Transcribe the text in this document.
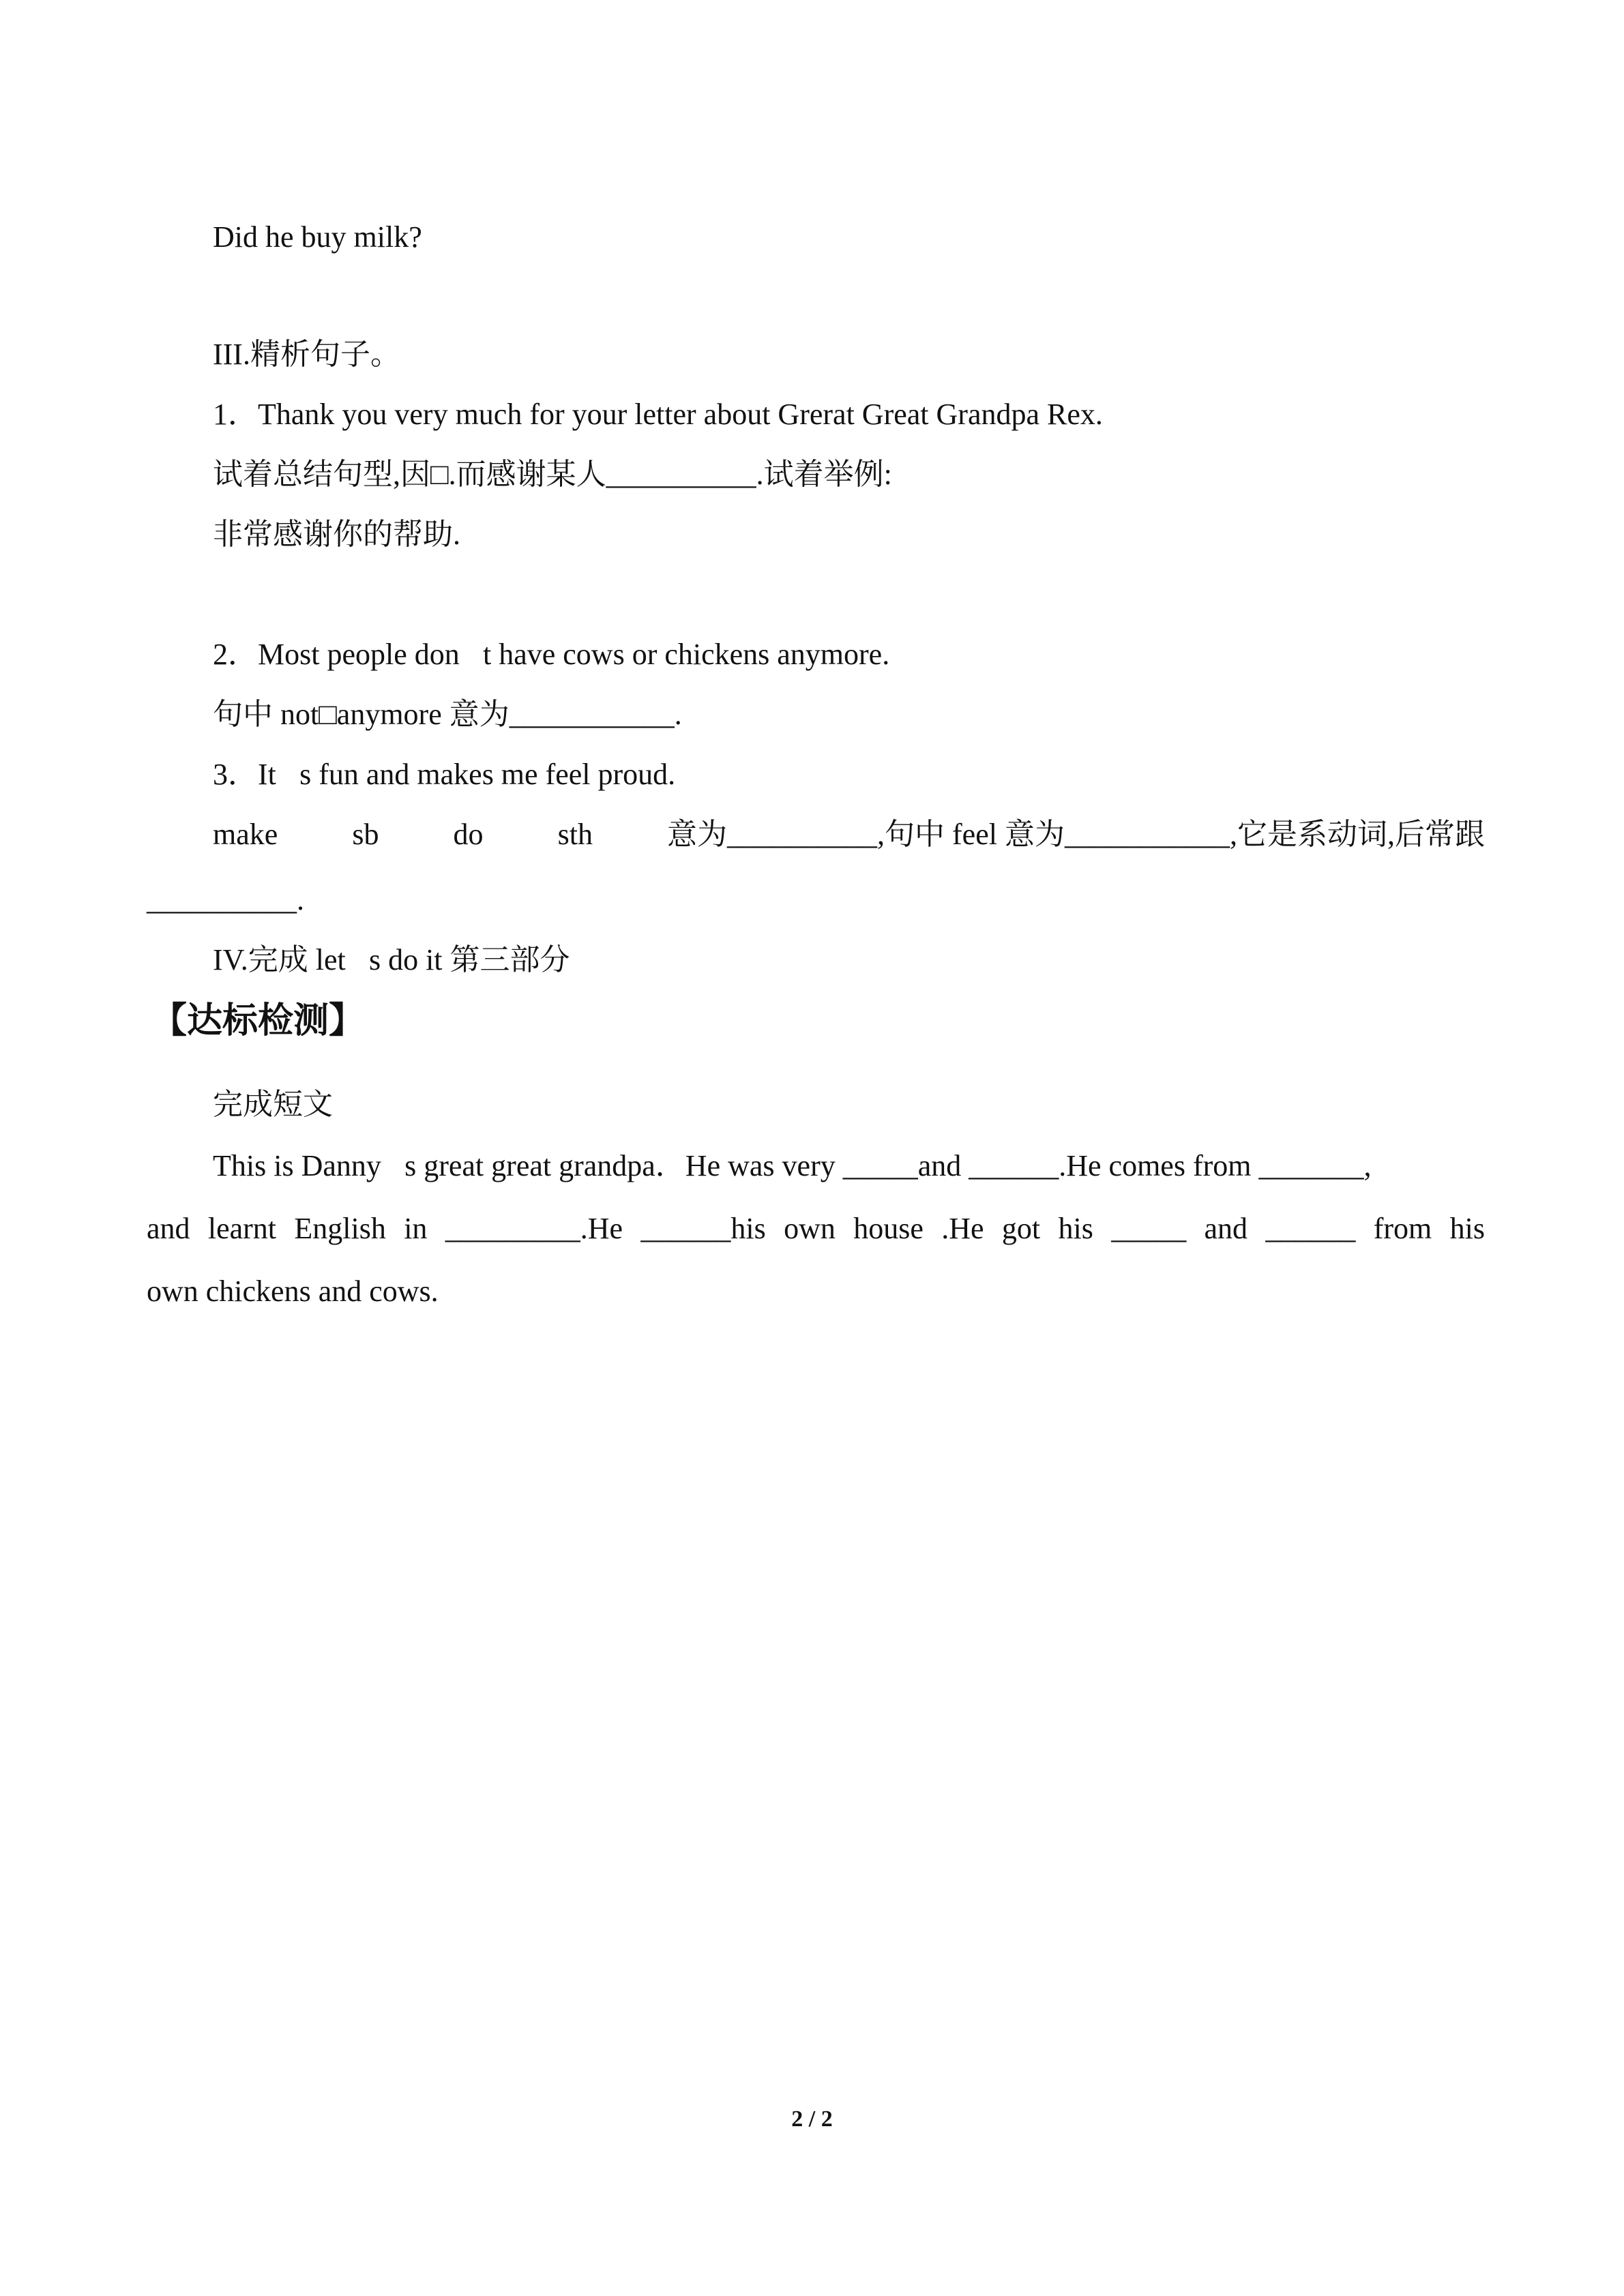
Did he buy milk?
III.精析句子。
1．Thank you very much for your letter about Grerat Great Grandpa Rex.
试着总结句型,因□.而感谢某人__________.试着举例:
非常感谢你的帮助.
2．Most people don􀀀t have cows or chickens anymore.
句中 not□anymore 意为___________.
3．It􀀀s fun and makes me feel proud.
make sb do sth 意为__________,句中 feel 意为___________,它是系动词,后常跟
__________.
IV.完成 let􀀀s do it 第三部分
【达标检测】
完成短文
This is Danny􀀀s great great grandpa．He was very _____and ______.He comes from _______,
and learnt English in _________.He ______his own house .He got his _____ and ______ from his
own chickens and cows.
2 / 2
